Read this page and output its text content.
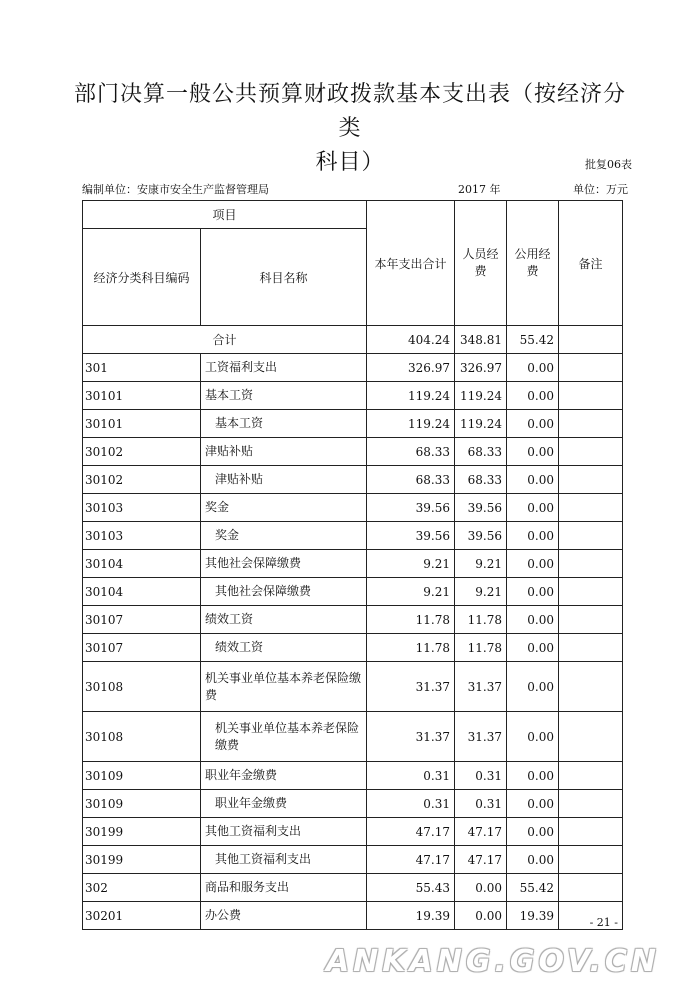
部门决算一般公共预算财政拨款基本支出表（按经济分类
科目）	批复06表
编制单位：安康市安全生产监督管理局	2017 年	单位：万元
项目		本年支出合计	人员经费	公用经费	备注
经济分类科目编码	科目名称				
合计		404.24	348.81	55.42	
301	工资福利支出	326.97	326.97	0.00	
30101	基本工资	119.24	119.24	0.00	
30101	基本工资	119.24	119.24	0.00	
30102	津贴补贴	68.33	68.33	0.00	
30102	津贴补贴	68.33	68.33	0.00	
30103	奖金	39.56	39.56	0.00	
30103	奖金	39.56	39.56	0.00	
30104	其他社会保障缴费	9.21	9.21	0.00	
30104	其他社会保障缴费	9.21	9.21	0.00	
30107	绩效工资	11.78	11.78	0.00	
30107	绩效工资	11.78	11.78	0.00	
30108	机关事业单位基本养老保险缴费	31.37	31.37	0.00	
30108	机关事业单位基本养老保险缴费	31.37	31.37	0.00	
30109	职业年金缴费	0.31	0.31	0.00	
30109	职业年金缴费	0.31	0.31	0.00	
30199	其他工资福利支出	47.17	47.17	0.00	
30199	其他工资福利支出	47.17	47.17	0.00	
302	商品和服务支出	55.43	0.00	55.42	
30201	办公费	19.39	0.00	19.39		- 21 -
ANKANG.GOV.CN
